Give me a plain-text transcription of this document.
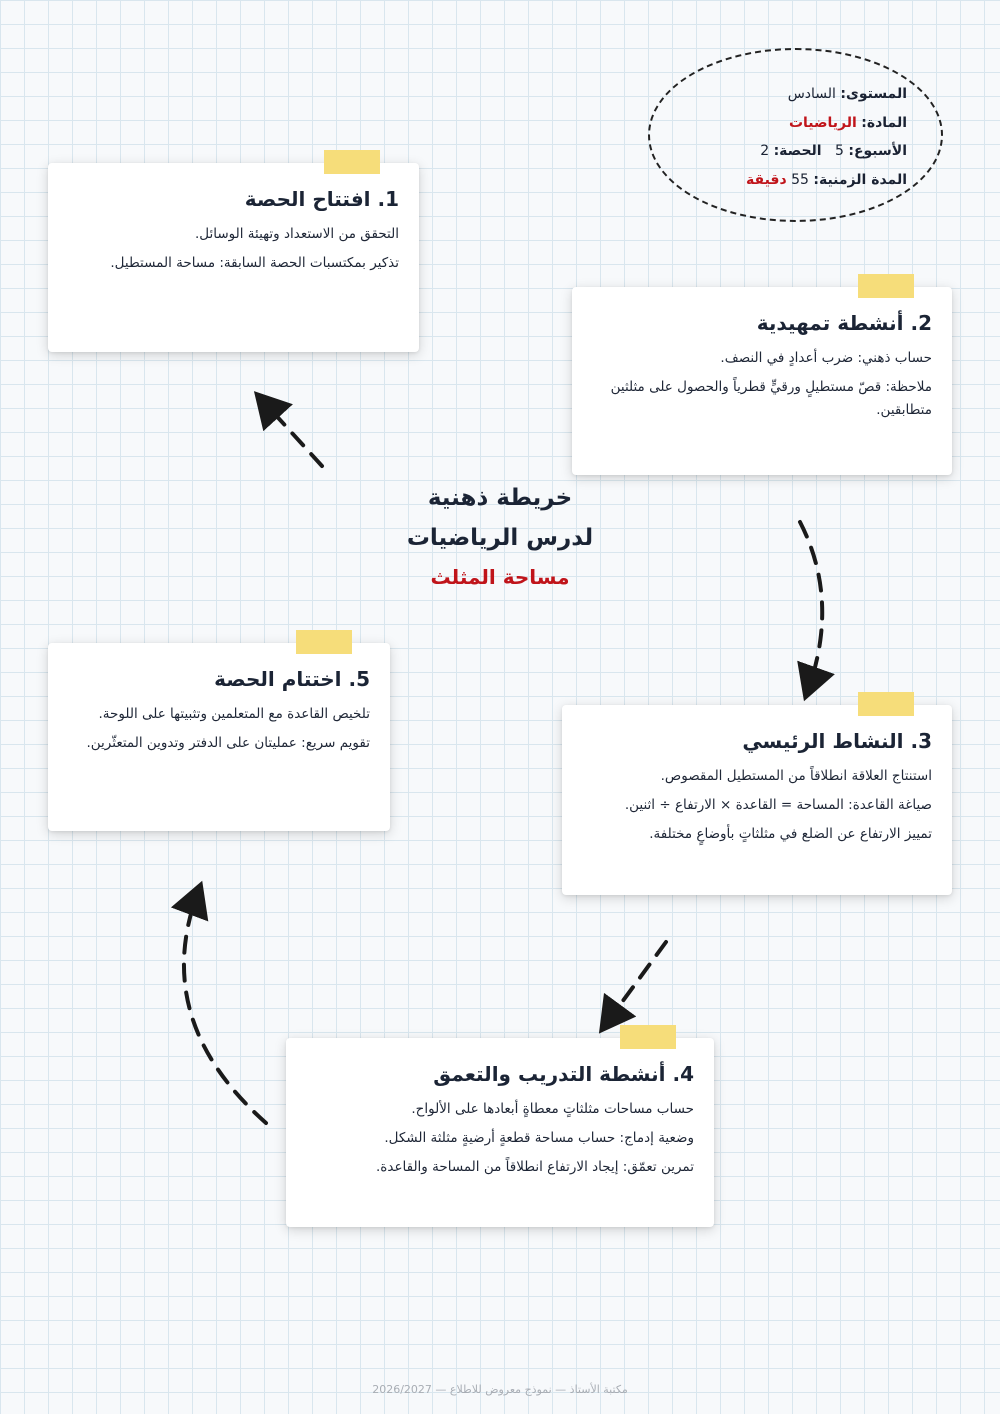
المستوى: السادس
المادة: الرياضيات
الأسبوع: 5   الحصة: 2
المدة الزمنية: 55 دقيقة
خريطة ذهنية
لدرس الرياضيات
مساحة المثلث
1. افتتاح الحصة

التحقق من الاستعداد وتهيئة الوسائل.

تذكير بمكتسبات الحصة السابقة: مساحة المستطيل.

2. أنشطة تمهيدية

حساب ذهني: ضرب أعدادٍ في النصف.

ملاحظة: قصّ مستطيلٍ ورقيٍّ قطرياً والحصول على مثلثين متطابقين.

3. النشاط الرئيسي

استنتاج العلاقة انطلاقاً من المستطيل المقصوص.

صياغة القاعدة: المساحة = القاعدة × الارتفاع ÷ اثنين.

تمييز الارتفاع عن الضلع في مثلثاتٍ بأوضاعٍ مختلفة.

4. أنشطة التدريب والتعمق

حساب مساحات مثلثاتٍ معطاةٍ أبعادها على الألواح.

وضعية إدماج: حساب مساحة قطعةٍ أرضيةٍ مثلثة الشكل.

تمرين تعمّق: إيجاد الارتفاع انطلاقاً من المساحة والقاعدة.

5. اختتام الحصة

تلخيص القاعدة مع المتعلمين وتثبيتها على اللوحة.

تقويم سريع: عمليتان على الدفتر وتدوين المتعثّرين.

مكتبة الأستاذ — نموذج معروض للاطلاع — 2026/2027
